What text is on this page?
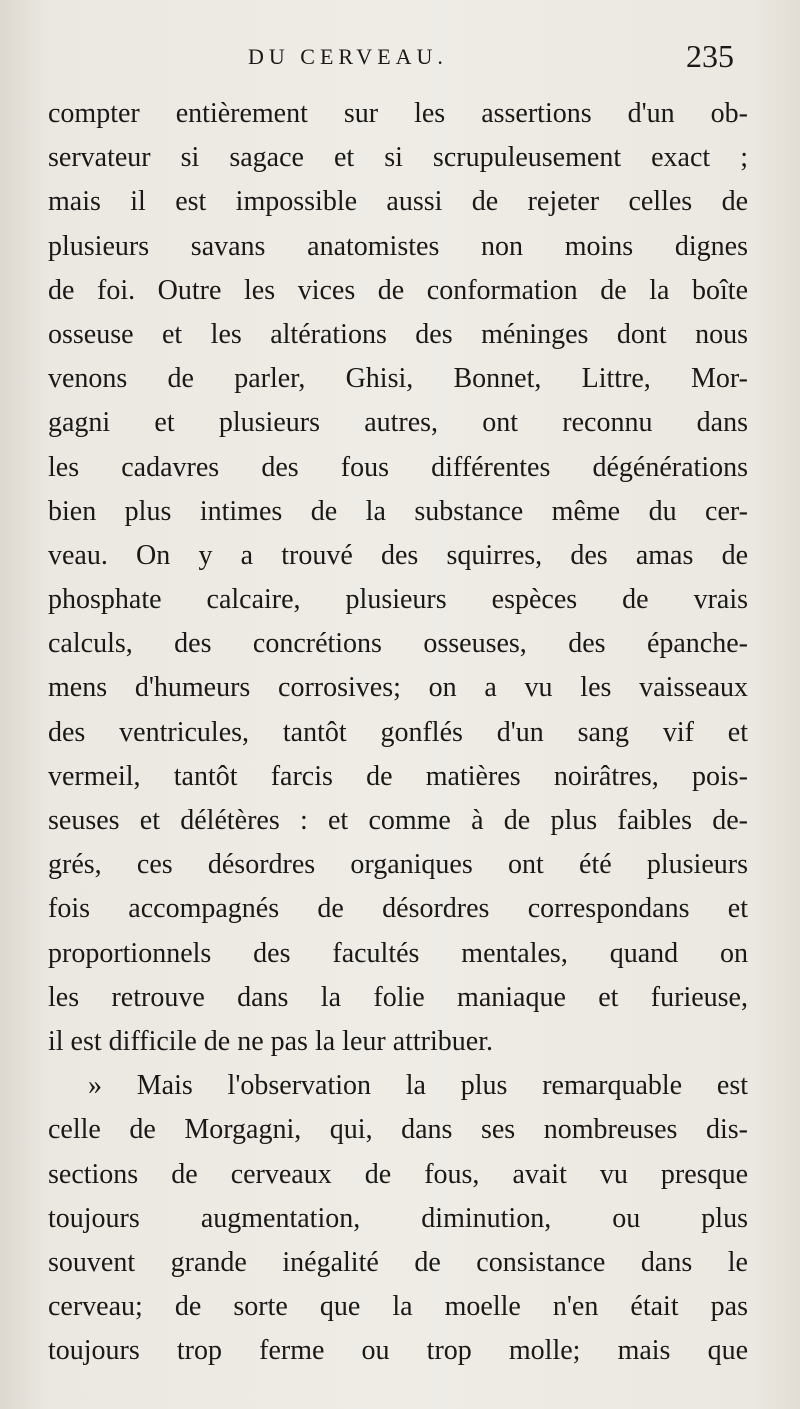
DU CERVEAU.	235
compter entièrement sur les assertions d'un ob-
servateur si sagace et si scrupuleusement exact ;
mais il est impossible aussi de rejeter celles de
plusieurs savans anatomistes non moins dignes
de foi. Outre les vices de conformation de la boîte
osseuse et les altérations des méninges dont nous
venons de parler, Ghisi, Bonnet, Littre, Mor-
gagni et plusieurs autres, ont reconnu dans
les cadavres des fous différentes dégénérations
bien plus intimes de la substance même du cer-
veau. On y a trouvé des squirres, des amas de
phosphate calcaire, plusieurs espèces de vrais
calculs, des concrétions osseuses, des épanche-
mens d'humeurs corrosives; on a vu les vaisseaux
des ventricules, tantôt gonflés d'un sang vif et
vermeil, tantôt farcis de matières noirâtres, pois-
seuses et délétères : et comme à de plus faibles de-
grés, ces désordres organiques ont été plusieurs
fois accompagnés de désordres correspondans et
proportionnels des facultés mentales, quand on
les retrouve dans la folie maniaque et furieuse,
il est difficile de ne pas la leur attribuer.
» Mais l'observation la plus remarquable est
celle de Morgagni, qui, dans ses nombreuses dis-
sections de cerveaux de fous, avait vu presque
toujours augmentation, diminution, ou plus
souvent grande inégalité de consistance dans le
cerveau; de sorte que la moelle n'en était pas
toujours trop ferme ou trop molle; mais que
